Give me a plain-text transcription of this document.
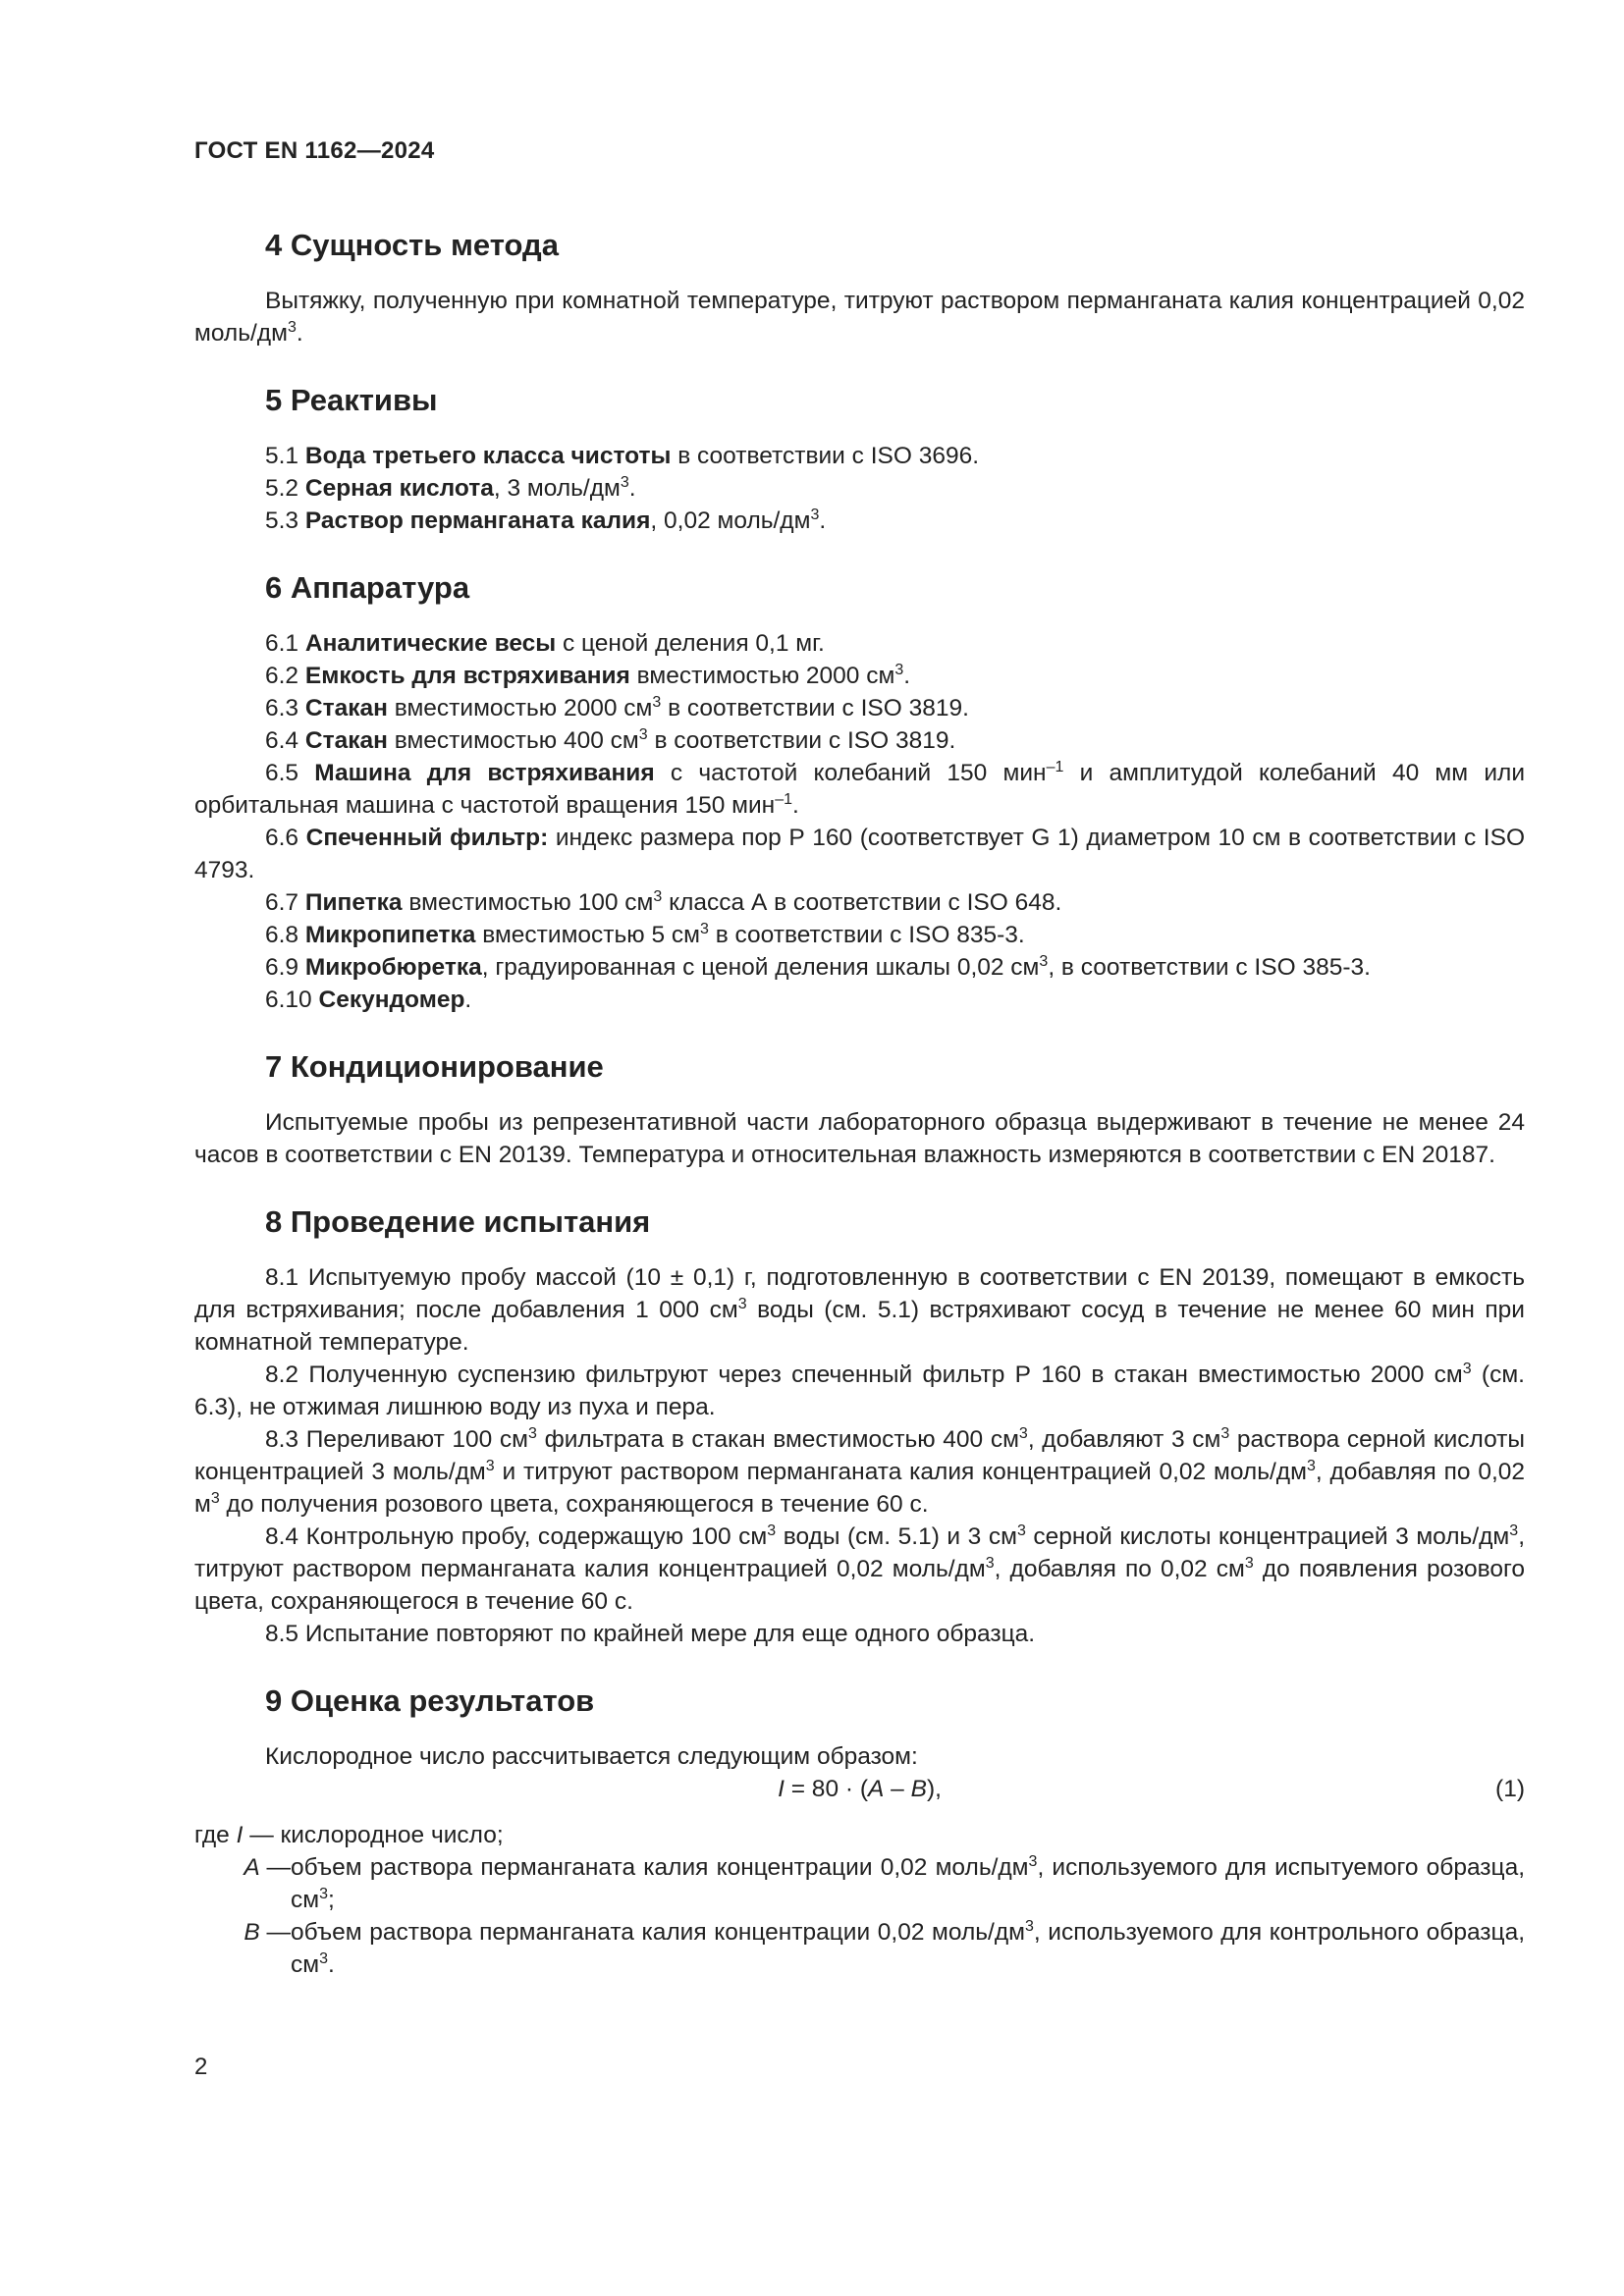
ГОСТ EN 1162—2024

4 Сущность метода

Вытяжку, полученную при комнатной температуре, титруют раствором перманганата калия концентрацией 0,02 моль/$дм^3$.

5 Реактивы

5.1 Вода третьего класса чистоты в соответствии с ISO 3696.

5.2 Серная кислота, 3 моль/$дм^3$.

5.3 Раствор перманганата калия, 0,02 моль/$дм^3$.

6 Аппаратура

6.1 Аналитические весы с ценой деления 0,1 мг.

6.2 Емкость для встряхивания вместимостью 2000 $см^3$.

6.3 Стакан вместимостью 2000 $см^3$ в соответствии с ISO 3819.

6.4 Стакан вместимостью 400 $см^3$ в соответствии с ISO 3819.

6.5 Машина для встряхивания с частотой колебаний 150 мин$^{-1}$ и амплитудой колебаний 40 мм или орбитальная машина с частотой вращения 150 мин$^{-1}$.

6.6 Спеченный фильтр: индекс размера пор Р 160 (соответствует G 1) диаметром 10 см в соответствии с ISO 4793.

6.7 Пипетка вместимостью 100 $см^3$ класса А в соответствии с ISO 648.

6.8 Микропипетка вместимостью 5 $см^3$ в соответствии с ISO 835-3.

6.9 Микробюретка, градуированная с ценой деления шкалы 0,02 $см^3$, в соответствии с ISO 385-3.

6.10 Секундомер.

7 Кондиционирование

Испытуемые пробы из репрезентативной части лабораторного образца выдерживают в течение не менее 24 часов в соответствии с EN 20139. Температура и относительная влажность измеряются в соответствии с EN 20187.

8 Проведение испытания

8.1 Испытуемую пробу массой (10 ± 0,1) г, подготовленную в соответствии с EN 20139, помещают в емкость для встряхивания; после добавления 1 000 $см^3$ воды (см. 5.1) встряхивают сосуд в течение не менее 60 мин при комнатной температуре.

8.2 Полученную суспензию фильтруют через спеченный фильтр Р 160 в стакан вместимостью 2000 $см^3$ (см. 6.3), не отжимая лишнюю воду из пуха и пера.

8.3 Переливают 100 $см^3$ фильтрата в стакан вместимостью 400 $см^3$, добавляют 3 $см^3$ раствора серной кислоты концентрацией 3 моль/$дм^3$ и титруют раствором перманганата калия концентрацией 0,02 моль/$дм^3$, добавляя по 0,02 $м^3$ до получения розового цвета, сохраняющегося в течение 60 с.

8.4 Контрольную пробу, содержащую 100 $см^3$ воды (см. 5.1) и 3 $см^3$ серной кислоты концентрацией 3 моль/$дм^3$, титруют раствором перманганата калия концентрацией 0,02 моль/$дм^3$, добавляя по 0,02 $см^3$ до появления розового цвета, сохраняющегося в течение 60 с.

8.5 Испытание повторяют по крайней мере для еще одного образца.

9 Оценка результатов

Кислородное число рассчитывается следующим образом:

I = 80 · (A – B),	(1)
где I — кислородное число;
A — объем раствора перманганата калия концентрации 0,02 моль/$дм^3$, используемого для испытуемого образца, $см^3$;
B — объем раствора перманганата калия концентрации 0,02 моль/$дм^3$, используемого для контрольного образца, $см^3$.
2
